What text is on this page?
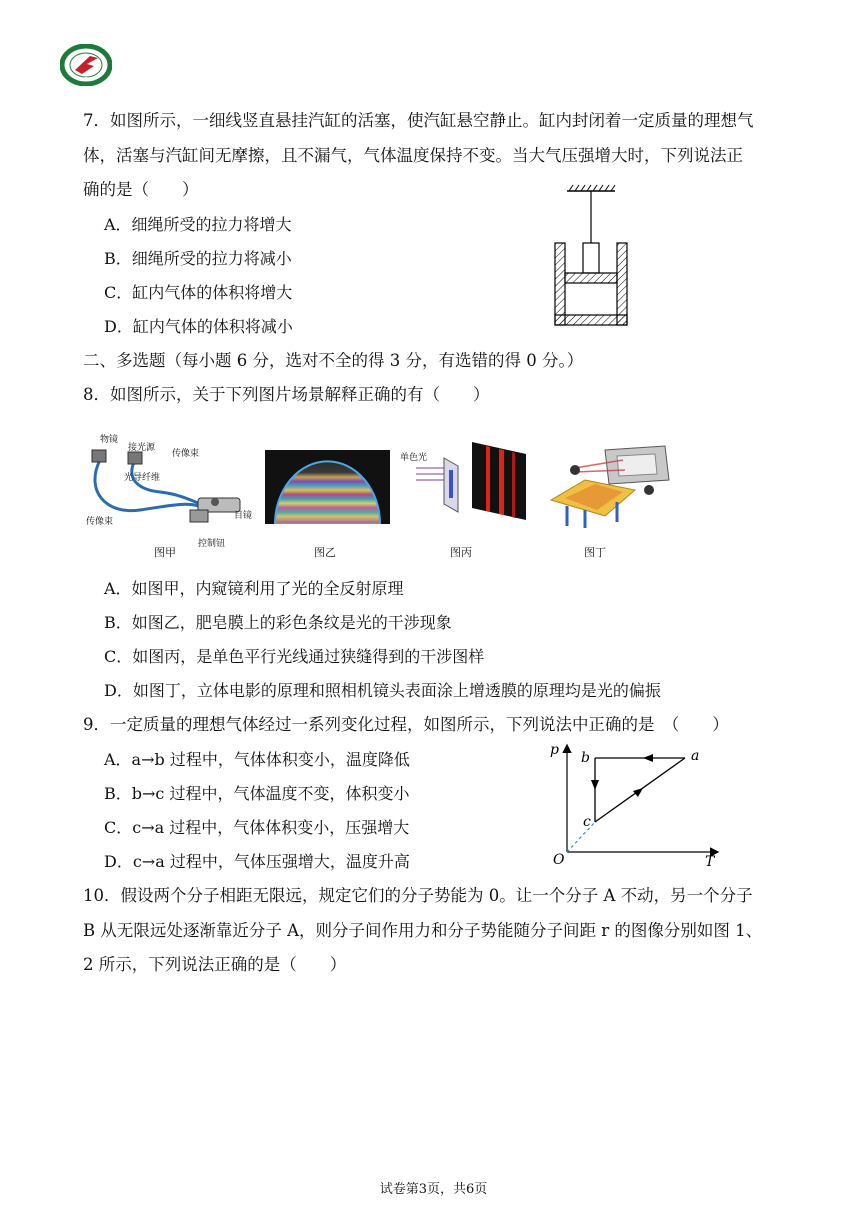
7．如图所示，一细线竖直悬挂汽缸的活塞，使汽缸悬空静止。缸内封闭着一定质量的理想气
体，活塞与汽缸间无摩擦，且不漏气，气体温度保持不变。当大气压强增大时，下列说法正
确的是（　　）
A．细绳所受的拉力将增大
B．细绳所受的拉力将减小
C．缸内气体的体积将增大
D．缸内气体的体积将减小
二、多选题（每小题 6 分，选对不全的得 3 分，有选错的得 0 分。）
8．如图所示，关于下列图片场景解释正确的有（　　）
物镜
接光源
传像束
光导纤维
传像束
目镜
控制钮
单色光
图甲	图乙	图丙	图丁
A．如图甲，内窥镜利用了光的全反射原理
B．如图乙，肥皂膜上的彩色条纹是光的干涉现象
C．如图丙，是单色平行光线通过狭缝得到的干涉图样
D．如图丁，立体电影的原理和照相机镜头表面涂上增透膜的原理均是光的偏振
9．一定质量的理想气体经过一系列变化过程，如图所示，下列说法中正确的是　（　　）
A．a→b 过程中，气体体积变小，温度降低
B．b→c 过程中，气体温度不变，体积变小
C．c→a 过程中，气体体积变小，压强增大
D．c→a 过程中，气体压强增大，温度升高
p
T
O
a
b
c
10．假设两个分子相距无限远，规定它们的分子势能为 0。让一个分子 A 不动，另一个分子
B 从无限远处逐渐靠近分子 A，则分子间作用力和分子势能随分子间距 r 的图像分别如图 1、
2 所示，下列说法正确的是（　　）
试卷第3页，共6页
